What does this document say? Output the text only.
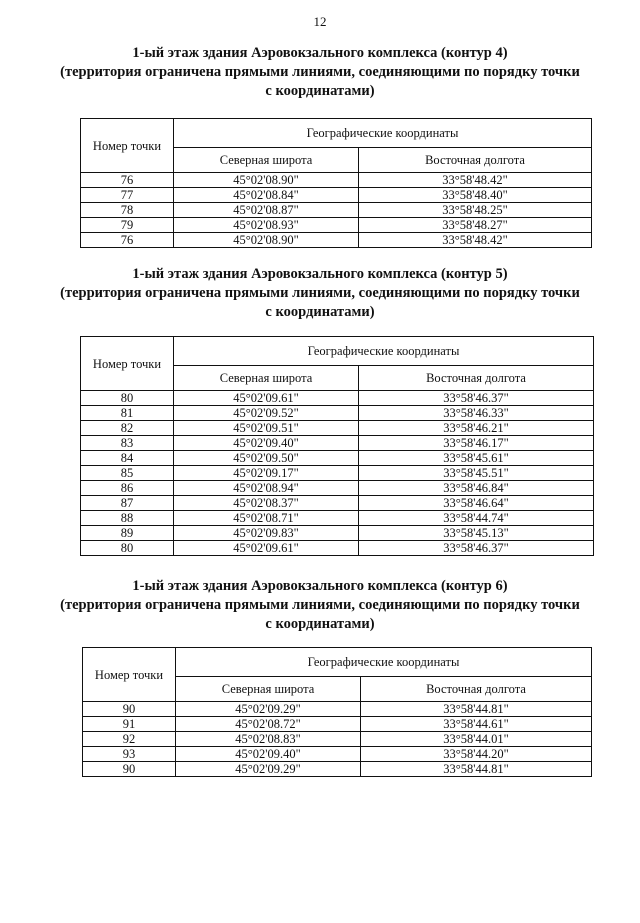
12
1-ый этаж здания Аэровокзального комплекса (контур 4)
(территория ограничена прямыми линиями, соединяющими по порядку точки
с координатами)
Номер точки	Географические координаты	
	Северная широта	Восточная долгота
76	45°02'08.90"	33°58'48.42"
77	45°02'08.84"	33°58'48.40"
78	45°02'08.87"	33°58'48.25"
79	45°02'08.93"	33°58'48.27"
76	45°02'08.90"	33°58'48.42"
1-ый этаж здания Аэровокзального комплекса (контур 5)
(территория ограничена прямыми линиями, соединяющими по порядку точки
с координатами)
Номер точки	Географические координаты	
	Северная широта	Восточная долгота
80	45°02'09.61"	33°58'46.37"
81	45°02'09.52"	33°58'46.33"
82	45°02'09.51"	33°58'46.21"
83	45°02'09.40"	33°58'46.17"
84	45°02'09.50"	33°58'45.61"
85	45°02'09.17"	33°58'45.51"
86	45°02'08.94"	33°58'46.84"
87	45°02'08.37"	33°58'46.64"
88	45°02'08.71"	33°58'44.74"
89	45°02'09.83"	33°58'45.13"
80	45°02'09.61"	33°58'46.37"
1-ый этаж здания Аэровокзального комплекса (контур 6)
(территория ограничена прямыми линиями, соединяющими по порядку точки
с координатами)
Номер точки	Географические координаты	
	Северная широта	Восточная долгота
90	45°02'09.29"	33°58'44.81"
91	45°02'08.72"	33°58'44.61"
92	45°02'08.83"	33°58'44.01"
93	45°02'09.40"	33°58'44.20"
90	45°02'09.29"	33°58'44.81"
